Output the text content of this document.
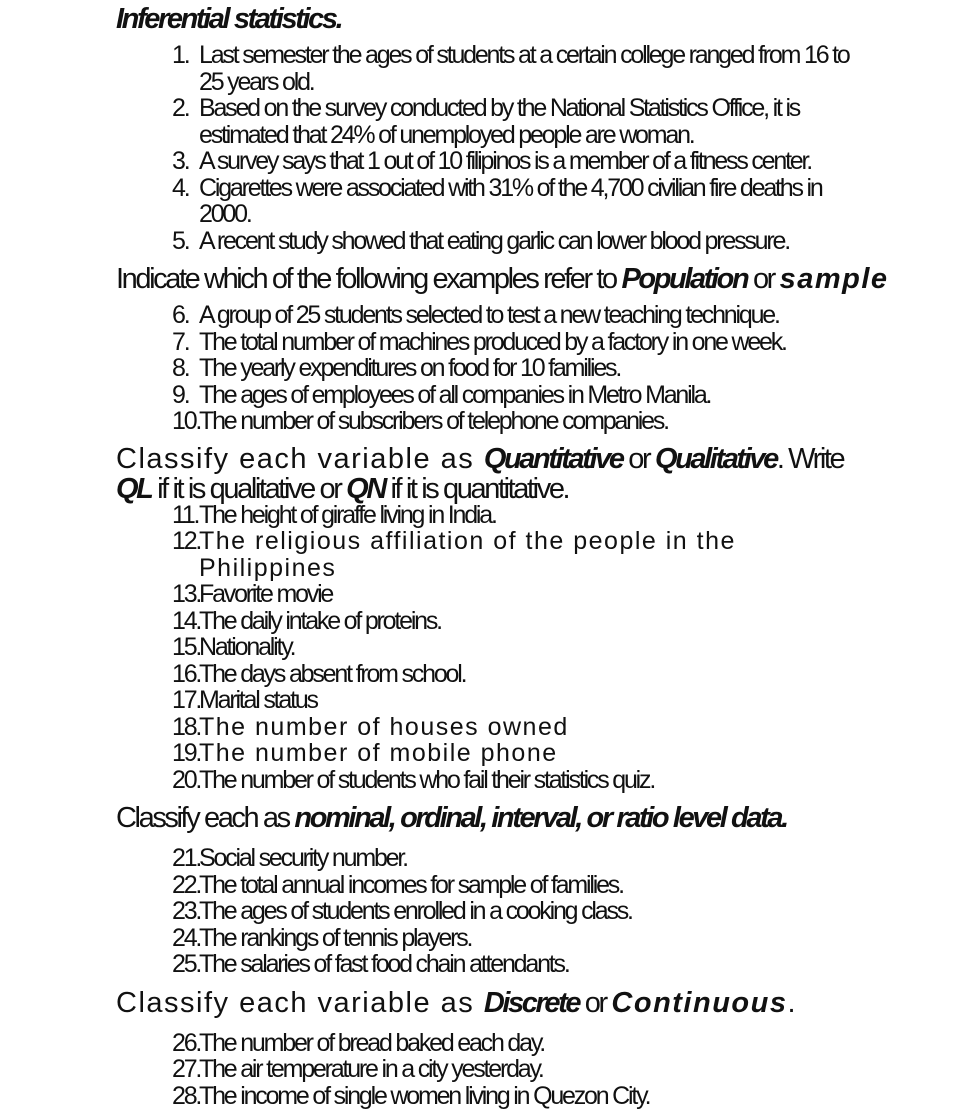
Inferential statistics.
1. Last semester the ages of students at a certain college ranged from 16 to 25 years old.
2. Based on the survey conducted by the National Statistics Office, it is estimated that 24% of unemployed people are woman.
3. A survey says that 1 out of 10 filipinos is a member of a fitness center.
4. Cigarettes were associated with 31% of the 4,700 civilian fire deaths in 2000.
5. A recent study showed that eating garlic can lower blood pressure.
Indicate which of the following examples refer to Population or sample
6. A group of 25 students selected to test a new teaching technique.
7. The total number of machines produced by a factory in one week.
8. The yearly expenditures on food for 10 families.
9. The ages of employees of all companies in Metro Manila.
10.
The number of subscribers of telephone companies.
Classify each variable as Quantitative or Qualitative. Write QL if it is qualitative or QN if it is quantitative.
11. The height of giraffe living in India.
12.
The religious affiliation of the people in the Philippines
13.
Favorite movie
14.
The daily intake of proteins.
15.
Nationality.
16.
The days absent from school.
17.
Marital status
18.
The number of houses owned
19.
The number of mobile phone
20.
The number of students who fail their statistics quiz.
Classify each as nominal, ordinal, interval, or ratio level data.
21.
Social security number.
22.
The total annual incomes for sample of families.
23.
The ages of students enrolled in a cooking class.
24.
The rankings of tennis players.
25.
The salaries of fast food chain attendants.
Classify each variable as Discrete or Continuous.
26.
The number of bread baked each day.
27.
The air temperature in a city yesterday.
28.
The income of single women living in Quezon City.
